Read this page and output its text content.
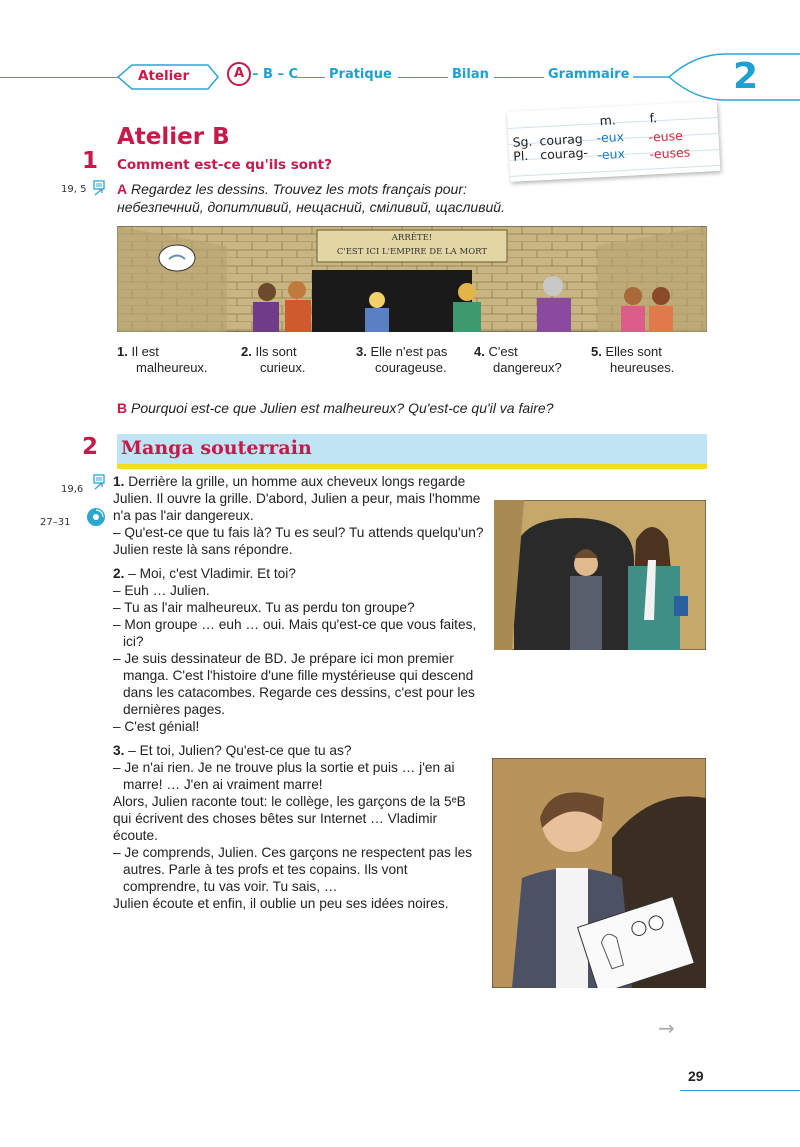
Atelier	A – B – C Pratique	Bilan	Grammaire	2
Atelier B
1 Comment est-ce qu'ils sont?
19, 5 A Regardez les dessins. Trouvez les mots français pour:
небезпечний, допитливий, нещасний, сміливий, щасливий.
m.	f.
Sg. courag -eux -euse
Pl. courag- -eux -euses
ARRÊTE!
C'EST ICI L'EMPIRE DE LA MORT
1. Il est
malheureux.
2. Ils sont
curieux.
3. Elle n'est pas
courageuse.
4. C'est
dangereux?
5. Elles sont
heureuses.
B Pourquoi est-ce que Julien est malheureux? Qu'est-ce qu'il va faire?
2 Manga souterrain
19,6
27–31

1. Derrière la grille, un homme aux cheveux longs regarde Julien. Il ouvre la grille. D'abord, Julien a peur, mais l'homme n'a pas l'air dangereux.

– Qu'est-ce que tu fais là? Tu es seul? Tu attends quelqu'un?

Julien reste là sans répondre.

2. – Moi, c'est Vladimir. Et toi?

– Euh … Julien.

– Tu as l'air malheureux. Tu as perdu ton groupe?

– Mon groupe … euh … oui. Mais qu'est-ce que vous faites, ici?

– Je suis dessinateur de BD. Je prépare ici mon premier manga. C'est l'histoire d'une fille mystérieuse qui descend dans les catacombes. Regarde ces dessins, c'est pour les dernières pages.

– C'est génial!

3. – Et toi, Julien? Qu'est-ce que tu as?

– Je n'ai rien. Je ne trouve plus la sortie et puis … j'en ai marre! … J'en ai vraiment marre!

Alors, Julien raconte tout: le collège, les garçons de la 5ᵉB qui écrivent des choses bêtes sur Internet … Vladimir écoute.

– Je comprends, Julien. Ces garçons ne respectent pas les autres. Parle à tes profs et tes copains. Ils vont comprendre, tu vas voir. Tu sais, …

Julien écoute et enfin, il oublie un peu ses idées noires.

→
29
